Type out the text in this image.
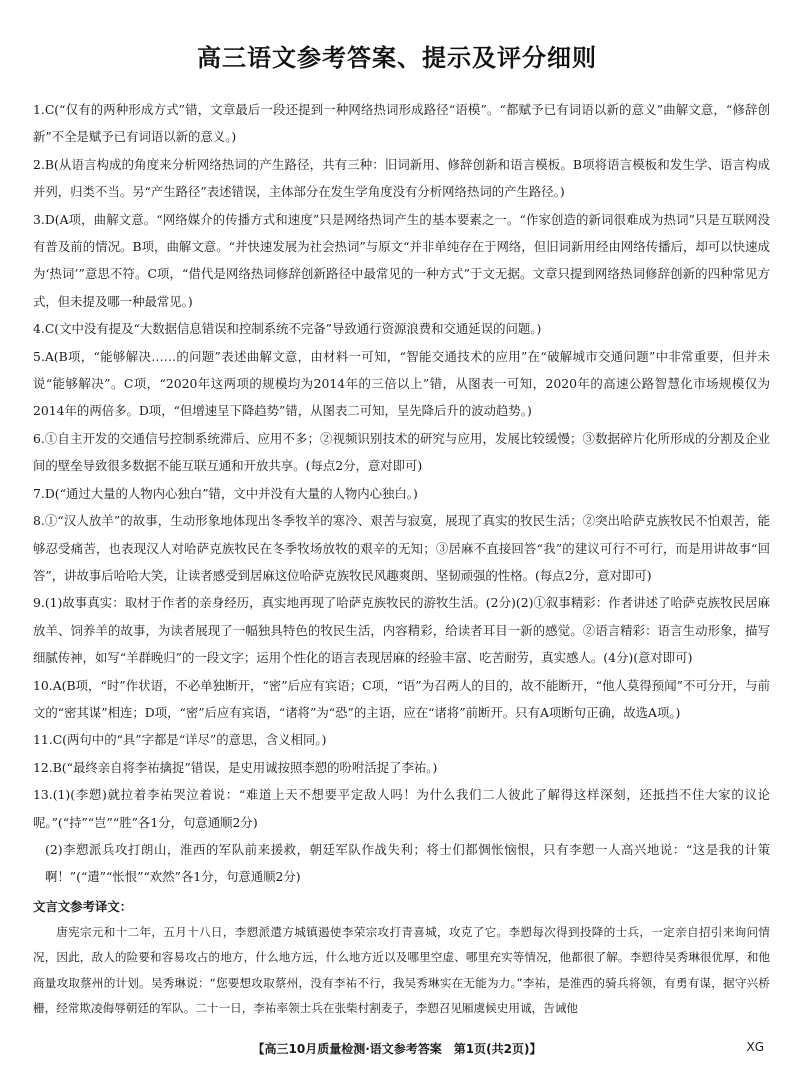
高三语文参考答案、提示及评分细则

1.C(“仅有的两种形成方式”错，文章最后一段还提到一种网络热词形成路径“语模”。“都赋予已有词语以新的意义”曲解文意，“修辞创新”不全是赋予已有词语以新的意义。)

2.B(从语言构成的角度来分析网络热词的产生路径，共有三种：旧词新用、修辞创新和语言模板。B项将语言模板和发生学、语言构成并列，归类不当。另“产生路径”表述错误，主体部分在发生学角度没有分析网络热词的产生路径。)

3.D(A项，曲解文意。“网络媒介的传播方式和速度”只是网络热词产生的基本要素之一。“作家创造的新词很难成为热词”只是互联网没有普及前的情况。B项，曲解文意。“并快速发展为社会热词”与原文“并非单纯存在于网络，但旧词新用经由网络传播后，却可以快速成为‘热词’”意思不符。C项，“借代是网络热词修辞创新路径中最常见的一种方式”于文无据。文章只提到网络热词修辞创新的四种常见方式，但未提及哪一种最常见。)

4.C(文中没有提及“大数据信息错误和控制系统不完备”导致通行资源浪费和交通延误的问题。)

5.A(B项，“能够解决……的问题”表述曲解文意，由材料一可知，“智能交通技术的应用”在“破解城市交通问题”中非常重要，但并未说“能够解决”。C项，“2020年这两项的规模均为2014年的三倍以上”错，从图表一可知，2020年的高速公路智慧化市场规模仅为2014年的两倍多。D项，“但增速呈下降趋势”错，从图表二可知，呈先降后升的波动趋势。)

6.①自主开发的交通信号控制系统滞后、应用不多；②视频识别技术的研究与应用，发展比较缓慢；③数据碎片化所形成的分割及企业间的壁垒导致很多数据不能互联互通和开放共享。(每点2分，意对即可)

7.D(“通过大量的人物内心独白”错，文中并没有大量的人物内心独白。)

8.①“汉人放羊”的故事，生动形象地体现出冬季牧羊的寒冷、艰苦与寂寞，展现了真实的牧民生活；②突出哈萨克族牧民不怕艰苦，能够忍受痛苦，也表现汉人对哈萨克族牧民在冬季牧场放牧的艰辛的无知；③居麻不直接回答“我”的建议可行不可行，而是用讲故事“回答”，讲故事后哈哈大笑，让读者感受到居麻这位哈萨克族牧民风趣爽朗、坚韧顽强的性格。(每点2分，意对即可)

9.(1)故事真实：取材于作者的亲身经历，真实地再现了哈萨克族牧民的游牧生活。(2分)(2)①叙事精彩：作者讲述了哈萨克族牧民居麻放羊、饲养羊的故事，为读者展现了一幅独具特色的牧民生活，内容精彩，给读者耳目一新的感觉。②语言精彩：语言生动形象，描写细腻传神，如写“羊群晚归”的一段文字；运用个性化的语言表现居麻的经验丰富、吃苦耐劳，真实感人。(4分)(意对即可)

10.A(B项，“时”作状语，不必单独断开，“密”后应有宾语；C项，“语”为召两人的目的，故不能断开，“他人莫得预闻”不可分开，与前文的“密其谋”相连；D项，“密”后应有宾语，“诸将”为“恐”的主语，应在“诸将”前断开。只有A项断句正确，故选A项。)

11.C(两句中的“具”字都是“详尽”的意思，含义相同。)

12.B(“最终亲自将李祐擒捉”错误，是史用诚按照李愬的吩咐活捉了李祐。)

13.(1)(李愬)就拉着李祐哭泣着说：“难道上天不想要平定敌人吗！为什么我们二人彼此了解得这样深刻，还抵挡不住大家的议论呢。”(“持”“岂”“胜”各1分，句意通顺2分)

(2)李愬派兵攻打朗山，淮西的军队前来援救，朝廷军队作战失利；将士们都惆怅恼恨，只有李愬一人高兴地说：“这是我的计策啊！”(“遣”“怅恨”“欢然”各1分，句意通顺2分)

文言文参考译文：

唐宪宗元和十二年，五月十八日，李愬派遣方城镇遏使李荣宗攻打青喜城，攻克了它。李愬每次得到投降的士兵，一定亲自招引来询问情况，因此，敌人的险要和容易攻占的地方，什么地方远，什么地方近以及哪里空虚、哪里充实等情况，他都很了解。李愬待吴秀琳很优厚，和他商量攻取蔡州的计划。吴秀琳说：“您要想攻取蔡州，没有李祐不行，我吴秀琳实在无能为力。”李祐，是淮西的骑兵将领，有勇有谋，据守兴桥栅，经常欺凌侮辱朝廷的军队。二十一日，李祐率领士兵在张柴村割麦子，李愬召见厢虞候史用诚，告诫他

【高三10月质量检测·语文参考答案　第1页(共2页)】	XG
